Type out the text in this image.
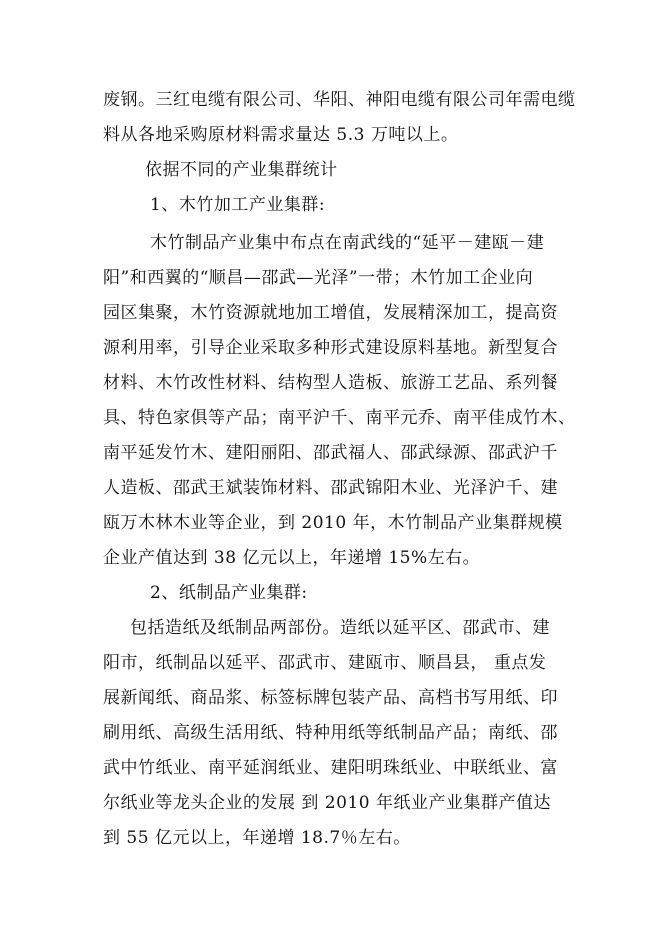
废钢。三红电缆有限公司、华阳、神阳电缆有限公司年需电缆
料从各地采购原材料需求量达 5.3 万吨以上。
依据不同的产业集群统计
1、木竹加工产业集群:
木竹制品产业集中布点在南武线的“延平－建瓯－建
阳”和西翼的“顺昌—邵武—光泽”一带；木竹加工企业向
园区集聚，木竹资源就地加工增值，发展精深加工，提高资
源利用率，引导企业采取多种形式建设原料基地。新型复合
材料、木竹改性材料、结构型人造板、旅游工艺品、系列餐
具、特色家俱等产品；南平沪千、南平元乔、南平佳成竹木、
南平延发竹木、建阳丽阳、邵武福人、邵武绿源、邵武沪千
人造板、邵武王斌装饰材料、邵武锦阳木业、光泽沪千、建
瓯万木林木业等企业，到 2010 年，木竹制品产业集群规模
企业产值达到 38 亿元以上，年递增 15%左右。
2、纸制品产业集群:
包括造纸及纸制品两部份。造纸以延平区、邵武市、建
阳市，纸制品以延平、邵武市、建瓯市、顺昌县， 重点发
展新闻纸、商品浆、标签标牌包装产品、高档书写用纸、印
刷用纸、高级生活用纸、特种用纸等纸制品产品；南纸、邵
武中竹纸业、南平延润纸业、建阳明珠纸业、中联纸业、富
尔纸业等龙头企业的发展 到 2010 年纸业产业集群产值达
到 55 亿元以上，年递增 18.7％左右。
